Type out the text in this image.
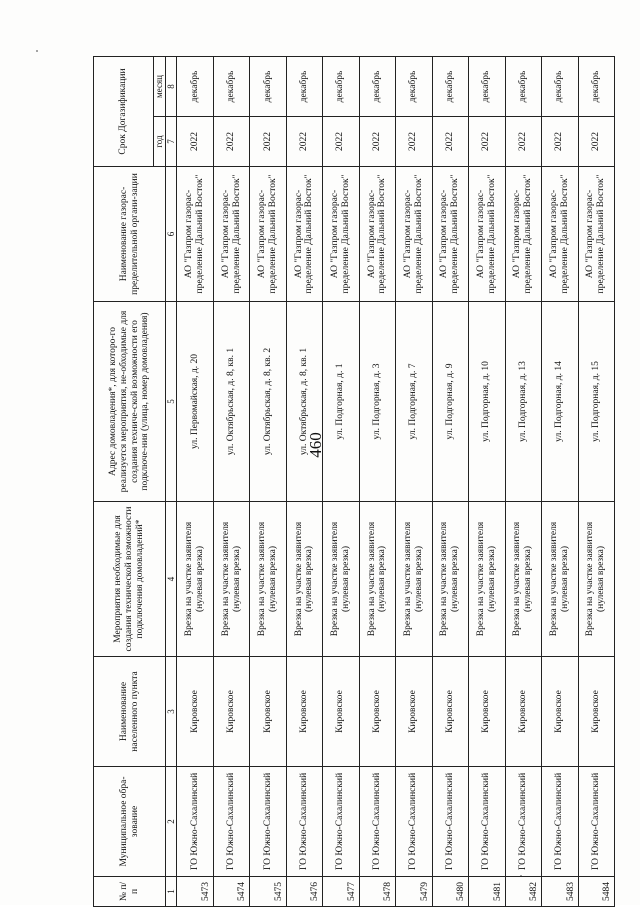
460
№ п/п	Муниципальное обра-зование	Наименование населенного пункта	Мероприятия необходимые для создания технической возможности подключения домовладений*	Адрес домовладения*, для которо-го реализуется мероприятия, не-обходимые для создания техниче-ской возможности его подключе-ния (улица, номер домовладения)	Наименование газорас-пределительной органи-зации	Срок Догазификации	
						год	месяц
1	2	3	4	5	6	7	8
5473	ГО Южно-Сахалинский	Кировское	Врезка на участке заявителя (нулевая врезка)	ул. Первомайская, д. 20	АО "Газпром газорас-пределение Дальний Восток"	2022	декабрь
5474	ГО Южно-Сахалинский	Кировское	Врезка на участке заявителя (нулевая врезка)	ул. Октябрьская, д. 8, кв. 1	АО "Газпром газорас-пределение Дальний Восток"	2022	декабрь
5475	ГО Южно-Сахалинский	Кировское	Врезка на участке заявителя (нулевая врезка)	ул. Октябрьская, д. 8, кв. 2	АО "Газпром газорас-пределение Дальний Восток"	2022	декабрь
5476	ГО Южно-Сахалинский	Кировское	Врезка на участке заявителя (нулевая врезка)	ул. Октябрьская, д. 8, кв. 1	АО "Газпром газорас-пределение Дальний Восток"	2022	декабрь
5477	ГО Южно-Сахалинский	Кировское	Врезка на участке заявителя (нулевая врезка)	ул. Подгорная, д. 1	АО "Газпром газорас-пределение Дальний Восток"	2022	декабрь
5478	ГО Южно-Сахалинский	Кировское	Врезка на участке заявителя (нулевая врезка)	ул. Подгорная, д. 3	АО "Газпром газорас-пределение Дальний Восток"	2022	декабрь
5479	ГО Южно-Сахалинский	Кировское	Врезка на участке заявителя (нулевая врезка)	ул. Подгорная, д. 7	АО "Газпром газорас-пределение Дальний Восток"	2022	декабрь
5480	ГО Южно-Сахалинский	Кировское	Врезка на участке заявителя (нулевая врезка)	ул. Подгорная, д. 9	АО "Газпром газорас-пределение Дальний Восток"	2022	декабрь
5481	ГО Южно-Сахалинский	Кировское	Врезка на участке заявителя (нулевая врезка)	ул. Подгорная, д. 10	АО "Газпром газорас-пределение Дальний Восток"	2022	декабрь
5482	ГО Южно-Сахалинский	Кировское	Врезка на участке заявителя (нулевая врезка)	ул. Подгорная, д. 13	АО "Газпром газорас-пределение Дальний Восток"	2022	декабрь
5483	ГО Южно-Сахалинский	Кировское	Врезка на участке заявителя (нулевая врезка)	ул. Подгорная, д. 14	АО "Газпром газорас-пределение Дальний Восток"	2022	декабрь
5484	ГО Южно-Сахалинский	Кировское	Врезка на участке заявителя (нулевая врезка)	ул. Подгорная, д. 15	АО "Газпром газорас-пределение Дальний Восток"	2022	декабрь
